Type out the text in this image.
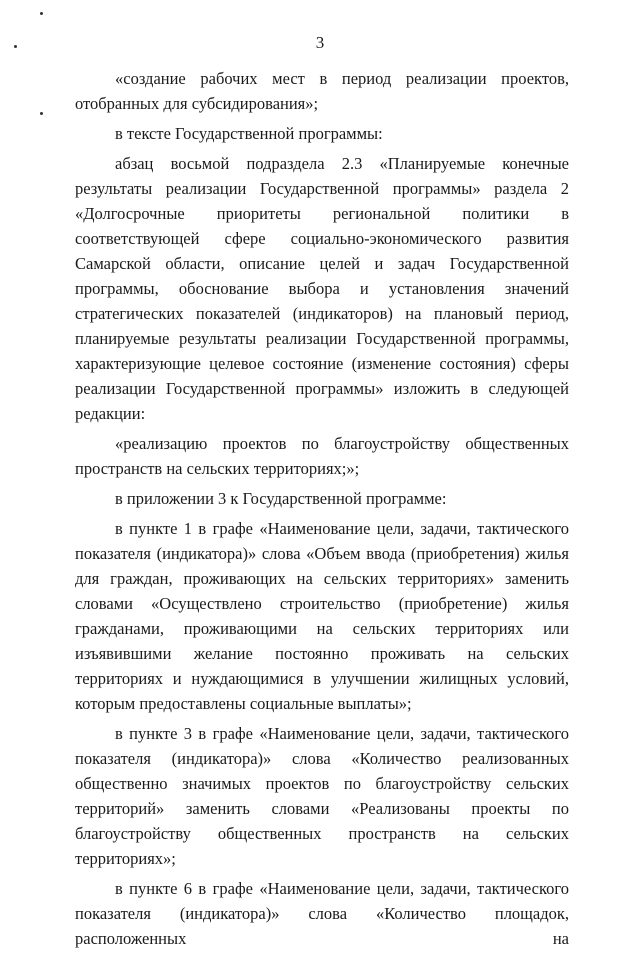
3

«создание рабочих мест в период реализации проектов, отобранных для субсидирования»;

в тексте Государственной программы:

абзац восьмой подраздела 2.3 «Планируемые конечные результаты реализации Государственной программы» раздела 2 «Долгосрочные приоритеты региональной политики в соответствующей сфере социально-экономического развития Самарской области, описание целей и задач Государственной программы, обоснование выбора и установления значений стратегических показателей (индикаторов) на плановый период, планируемые результаты реализации Государственной программы, характеризующие целевое состояние (изменение состояния) сферы реализации Государственной программы» изложить в следующей редакции:

«реализацию проектов по благоустройству общественных пространств на сельских территориях;»;

в приложении 3 к Государственной программе:

в пункте 1 в графе «Наименование цели, задачи, тактического показателя (индикатора)» слова «Объем ввода (приобретения) жилья для граждан, проживающих на сельских территориях» заменить словами «Осуществлено строительство (приобретение) жилья гражданами, проживающими на сельских территориях или изъявившими желание постоянно проживать на сельских территориях и нуждающимися в улучшении жилищных условий, которым предоставлены социальные выплаты»;

в пункте 3 в графе «Наименование цели, задачи, тактического показателя (индикатора)» слова «Количество реализованных общественно значимых проектов по благоустройству сельских территорий» заменить словами «Реализованы проекты по благоустройству общественных пространств на сельских территориях»;

в пункте 6 в графе «Наименование цели, задачи, тактического показателя (индикатора)» слова «Количество площадок, расположенных на
